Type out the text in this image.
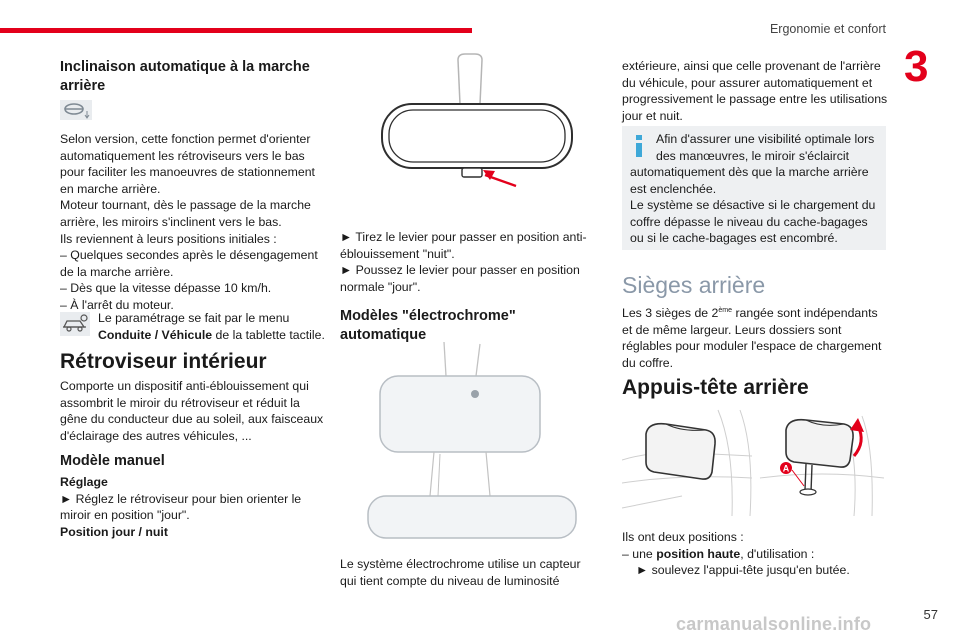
Ergonomie et confort
3
Inclinaison automatique à la marche
arrière
Selon version, cette fonction permet d'orienter
automatiquement les rétroviseurs vers le bas
pour faciliter les manoeuvres de stationnement
en marche arrière.
Moteur tournant, dès le passage de la marche
arrière, les miroirs s'inclinent vers le bas.
Ils reviennent à leurs positions initiales :
– Quelques secondes après le désengagement
de la marche arrière.
– Dès que la vitesse dépasse 10 km/h.
– À l'arrêt du moteur.
Le paramétrage se fait par le menu
Conduite / Véhicule de la tablette tactile.
Rétroviseur intérieur
Comporte un dispositif anti-éblouissement qui
assombrit le miroir du rétroviseur et réduit la
gêne du conducteur due au soleil, aux faisceaux
d'éclairage des autres véhicules, ...
Modèle manuel
Réglage
► Réglez le rétroviseur pour bien orienter le
miroir en position "jour".
Position jour / nuit
► Tirez le levier pour passer en position anti-
éblouissement "nuit".
► Poussez le levier pour passer en position
normale "jour".
Modèles "électrochrome"
automatique
Le système électrochrome utilise un capteur
qui tient compte du niveau de luminosité
extérieure, ainsi que celle provenant de l'arrière
du véhicule, pour assurer automatiquement et
progressivement le passage entre les utilisations
jour et nuit.
Afin d'assurer une visibilité optimale lors
des manœuvres, le miroir s'éclaircit
automatiquement dès que la marche arrière
est enclenchée.
Le système se désactive si le chargement du
coffre dépasse le niveau du cache-bagages
ou si le cache-bagages est encombré.
Sièges arrière
Les 3 sièges de 2ème rangée sont indépendants
et de même largeur. Leurs dossiers sont
réglables pour moduler l'espace de chargement
du coffre.
Appuis-tête arrière
A
Ils ont deux positions :
– une position haute, d'utilisation :
► soulevez l'appui-tête jusqu'en butée.
57
carmanualsonline.info
